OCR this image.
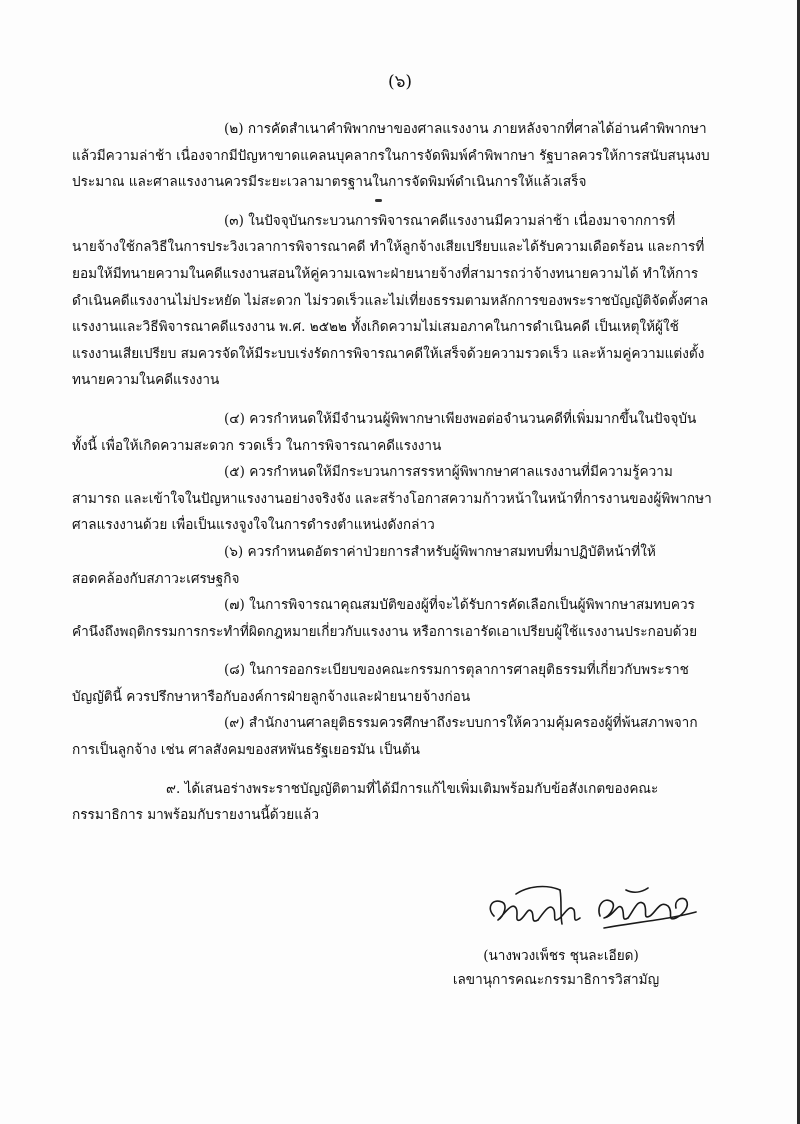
(๖)

(๒) การคัดสำเนาคำพิพากษาของศาลแรงงาน ภายหลังจากที่ศาลได้อ่านคำพิพากษาแล้วมีความล่าช้า เนื่องจากมีปัญหาขาดแคลนบุคลากรในการจัดพิมพ์คำพิพากษา รัฐบาลควรให้การสนับสนุนงบประมาณ และศาลแรงงานควรมีระยะเวลามาตรฐานในการจัดพิมพ์ดำเนินการให้แล้วเสร็จ

(๓) ในปัจจุบันกระบวนการพิจารณาคดีแรงงานมีความล่าช้า เนื่องมาจากการที่นายจ้างใช้กลวิธีในการประวิงเวลาการพิจารณาคดี ทำให้ลูกจ้างเสียเปรียบและได้รับความเดือดร้อน และการที่ยอมให้มีทนายความในคดีแรงงานสอนให้คู่ความเฉพาะฝ่ายนายจ้างที่สามารถว่าจ้างทนายความได้ ทำให้การดำเนินคดีแรงงานไม่ประหยัด ไม่สะดวก ไม่รวดเร็วและไม่เที่ยงธรรมตามหลักการของพระราชบัญญัติจัดตั้งศาลแรงงานและวิธีพิจารณาคดีแรงงาน พ.ศ. ๒๕๒๒ ทั้งเกิดความไม่เสมอภาคในการดำเนินคดี เป็นเหตุให้ผู้ใช้แรงงานเสียเปรียบ สมควรจัดให้มีระบบเร่งรัดการพิจารณาคดีให้เสร็จด้วยความรวดเร็ว และห้ามคู่ความแต่งตั้งทนายความในคดีแรงงาน

(๔) ควรกำหนดให้มีจำนวนผู้พิพากษาเพียงพอต่อจำนวนคดีที่เพิ่มมากขึ้นในปัจจุบัน ทั้งนี้ เพื่อให้เกิดความสะดวก รวดเร็ว ในการพิจารณาคดีแรงงาน

(๕) ควรกำหนดให้มีกระบวนการสรรหาผู้พิพากษาศาลแรงงานที่มีความรู้ความสามารถ และเข้าใจในปัญหาแรงงานอย่างจริงจัง และสร้างโอกาสความก้าวหน้าในหน้าที่การงานของผู้พิพากษาศาลแรงงานด้วย เพื่อเป็นแรงจูงใจในการดำรงตำแหน่งดังกล่าว

(๖) ควรกำหนดอัตราค่าป่วยการสำหรับผู้พิพากษาสมทบที่มาปฏิบัติหน้าที่ให้สอดคล้องกับสภาวะเศรษฐกิจ

(๗) ในการพิจารณาคุณสมบัติของผู้ที่จะได้รับการคัดเลือกเป็นผู้พิพากษาสมทบควรคำนึงถึงพฤติกรรมการกระทำที่ผิดกฎหมายเกี่ยวกับแรงงาน หรือการเอารัดเอาเปรียบผู้ใช้แรงงานประกอบด้วย

(๘) ในการออกระเบียบของคณะกรรมการตุลาการศาลยุติธรรมที่เกี่ยวกับพระราชบัญญัตินี้ ควรปรึกษาหารือกับองค์การฝ่ายลูกจ้างและฝ่ายนายจ้างก่อน

(๙) สำนักงานศาลยุติธรรมควรศึกษาถึงระบบการให้ความคุ้มครองผู้ที่พ้นสภาพจากการเป็นลูกจ้าง เช่น ศาลสังคมของสหพันธรัฐเยอรมัน เป็นต้น

๙. ได้เสนอร่างพระราชบัญญัติตามที่ได้มีการแก้ไขเพิ่มเติมพร้อมกับข้อสังเกตของคณะกรรมาธิการ มาพร้อมกับรายงานนี้ด้วยแล้ว

(นางพวงเพ็ชร ชุนละเอียด)
เลขานุการคณะกรรมาธิการวิสามัญ
